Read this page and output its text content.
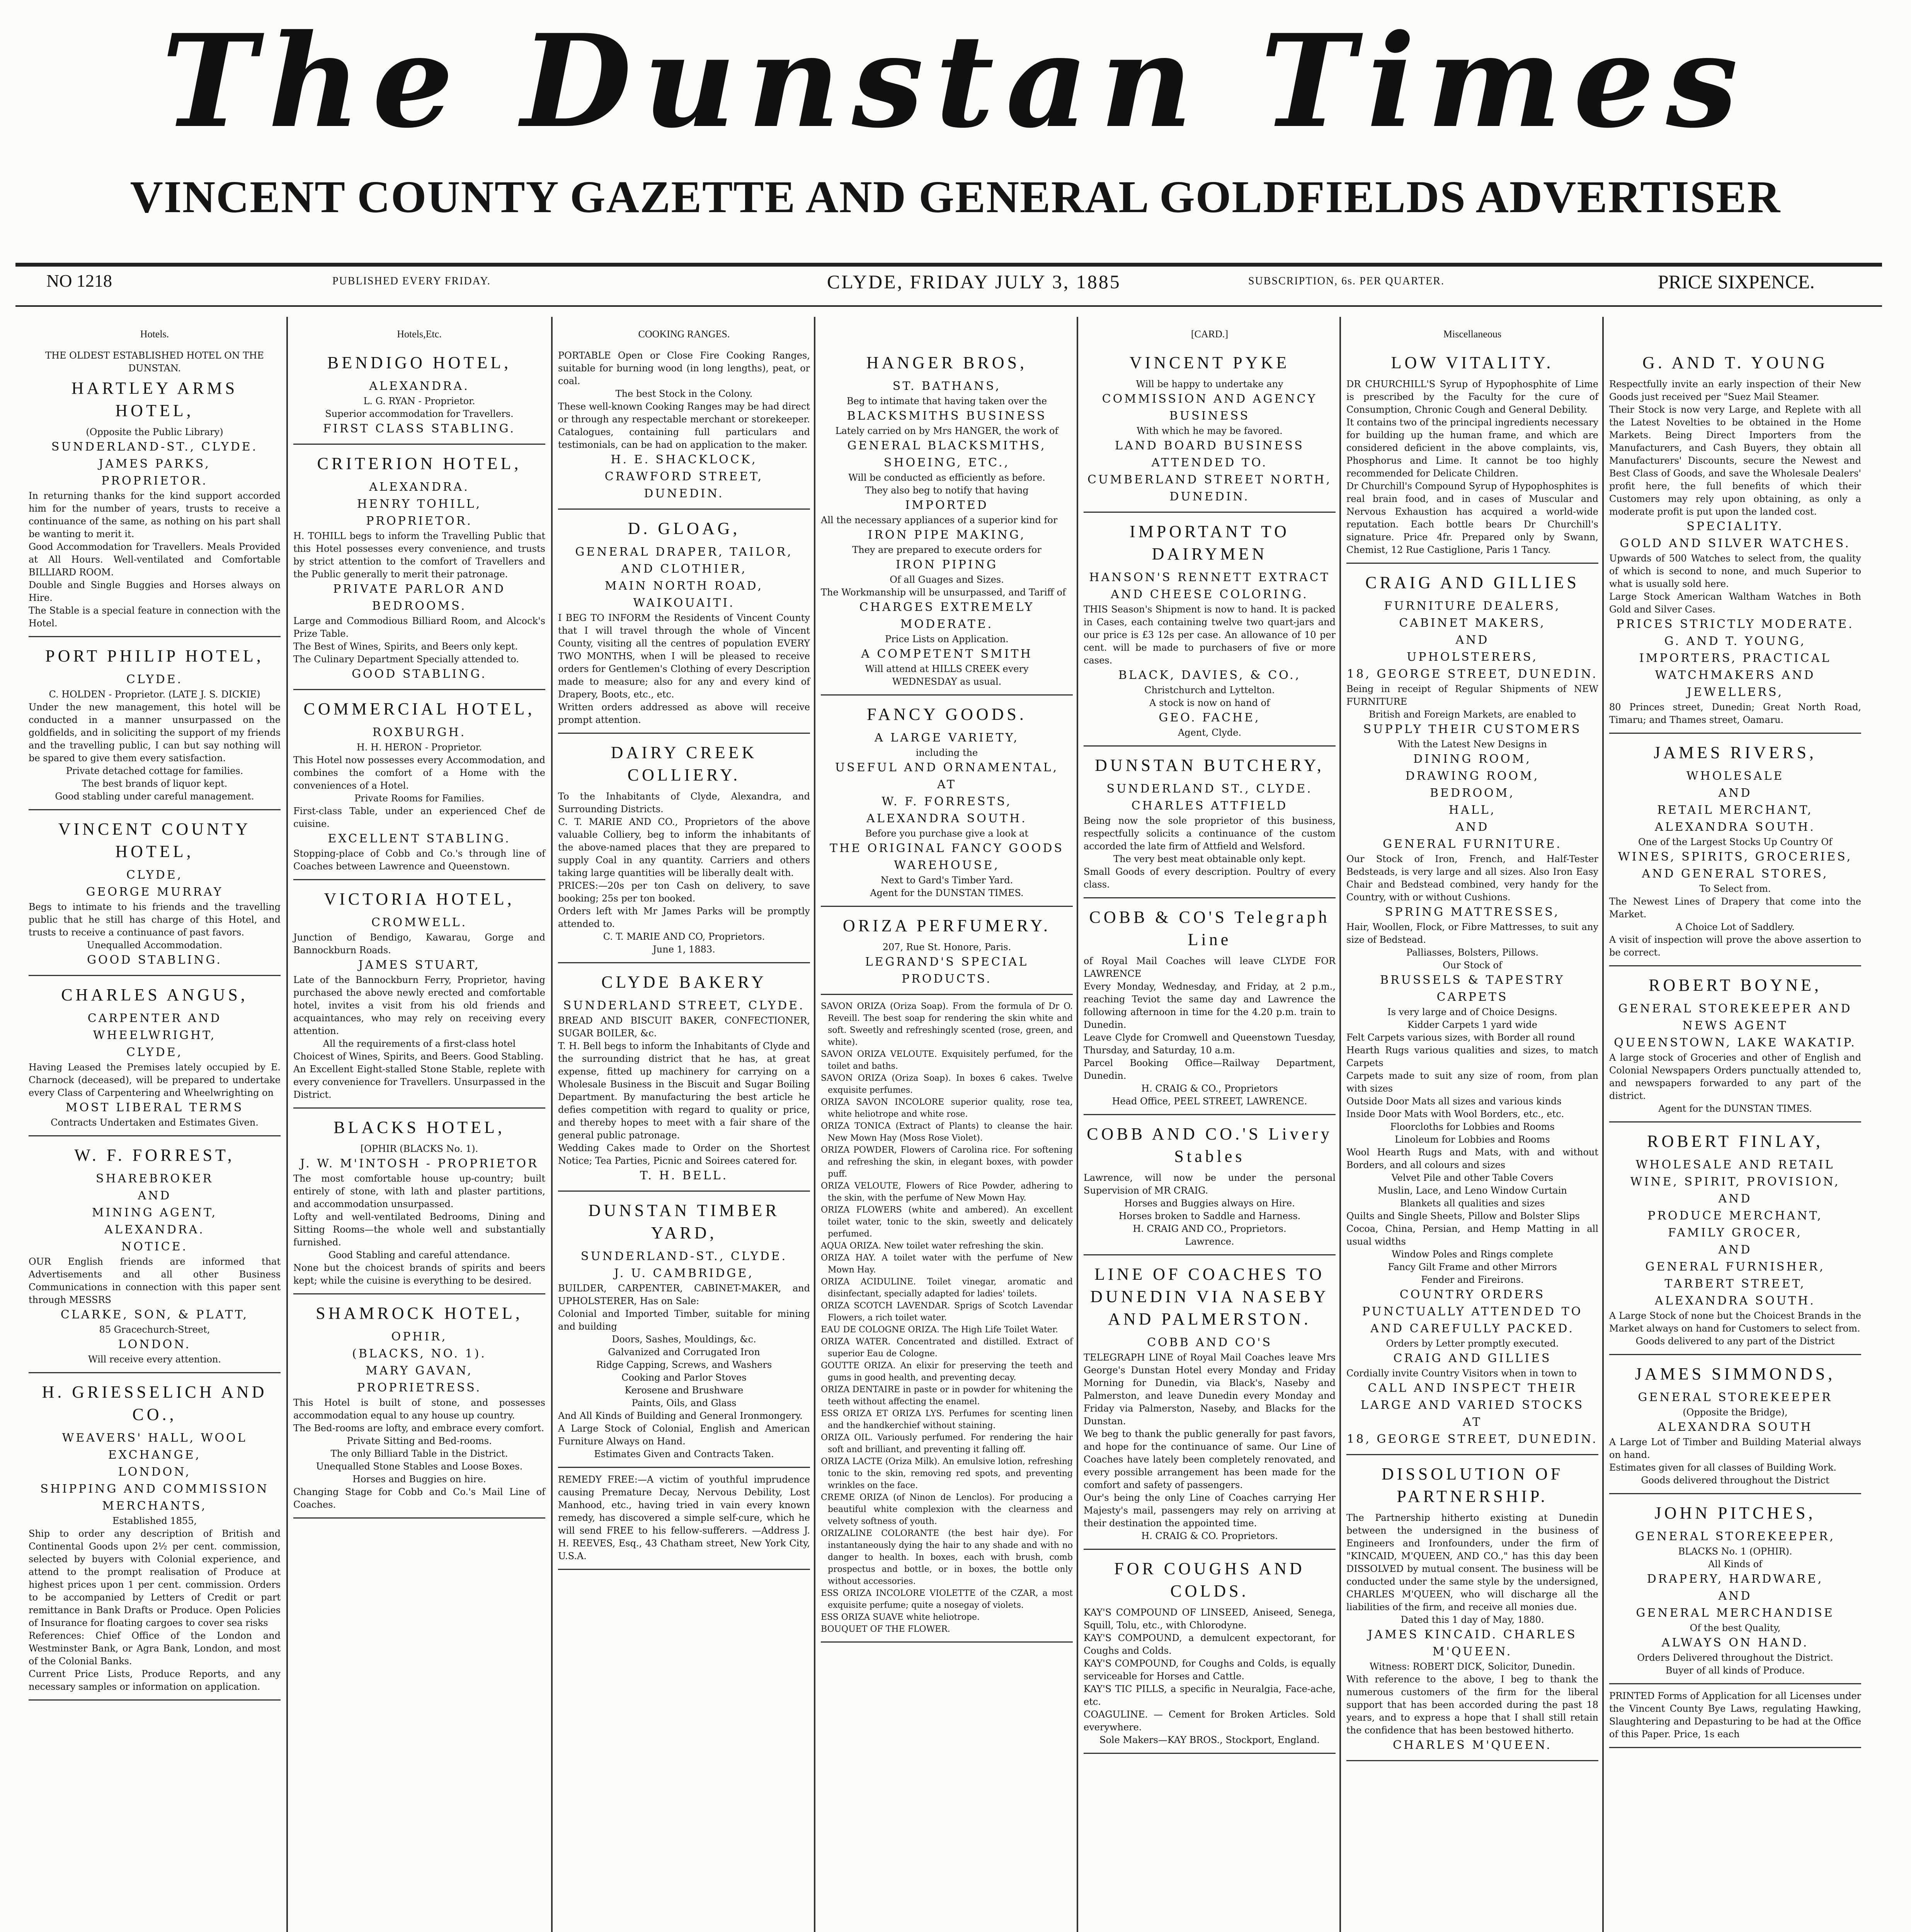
The Dunstan Times
VINCENT COUNTY GAZETTE AND GENERAL GOLDFIELDS ADVERTISER
NO 1218	PUBLISHED EVERY FRIDAY.	CLYDE, FRIDAY JULY 3, 1885	SUBSCRIPTION, 6s. PER QUARTER.	PRICE SIXPENCE.
Hotels.

THE OLDEST ESTABLISHED HOTEL ON THE DUNSTAN.

HARTLEY ARMS HOTEL,

(Opposite the Public Library)

SUNDERLAND-ST., CLYDE.

JAMES PARKS,

PROPRIETOR.

In returning thanks for the kind support accorded him for the number of years, trusts to receive a continuance of the same, as nothing on his part shall be wanting to merit it.

Good Accommodation for Travellers. Meals Provided at All Hours. Well-ventilated and Comfortable BILLIARD ROOM.

Double and Single Buggies and Horses always on Hire.

The Stable is a special feature in connection with the Hotel.

PORT PHILIP HOTEL,

CLYDE.

C. HOLDEN - Proprietor. (LATE J. S. DICKIE)

Under the new management, this hotel will be conducted in a manner unsurpassed on the goldfields, and in soliciting the support of my friends and the travelling public, I can but say nothing will be spared to give them every satisfaction.

Private detached cottage for families.

The best brands of liquor kept.

Good stabling under careful management.

VINCENT COUNTY HOTEL,

CLYDE,

GEORGE MURRAY

Begs to intimate to his friends and the travelling public that he still has charge of this Hotel, and trusts to receive a continuance of past favors.

Unequalled Accommodation.

GOOD STABLING.

CHARLES ANGUS,

CARPENTER AND WHEELWRIGHT,

CLYDE,

Having Leased the Premises lately occupied by E. Charnock (deceased), will be prepared to undertake every Class of Carpentering and Wheelwrighting on

MOST LIBERAL TERMS

Contracts Undertaken and Estimates Given.

W. F. FORREST,

SHAREBROKER

AND

MINING AGENT,

ALEXANDRA.

NOTICE.

OUR English friends are informed that Advertisements and all other Business Communications in connection with this paper sent through MESSRS

CLARKE, SON, & PLATT,

85 Gracechurch-Street,

LONDON.

Will receive every attention.

H. GRIESSELICH AND CO.,

WEAVERS' HALL, WOOL EXCHANGE,

LONDON,

SHIPPING AND COMMISSION MERCHANTS,

Established 1855,

Ship to order any description of British and Continental Goods upon 2½ per cent. commission, selected by buyers with Colonial experience, and attend to the prompt realisation of Produce at highest prices upon 1 per cent. commission. Orders to be accompanied by Letters of Credit or part remittance in Bank Drafts or Produce. Open Policies of Insurance for floating cargoes to cover sea risks

References: Chief Office of the London and Westminster Bank, or Agra Bank, London, and most of the Colonial Banks.

Current Price Lists, Produce Reports, and any necessary samples or information on application.

Hotels,Etc.
BENDIGO HOTEL,

ALEXANDRA.

L. G. RYAN - Proprietor.

Superior accommodation for Travellers.

FIRST CLASS STABLING.

CRITERION HOTEL,

ALEXANDRA.

HENRY TOHILL,

PROPRIETOR.

H. TOHILL begs to inform the Travelling Public that this Hotel possesses every convenience, and trusts by strict attention to the comfort of Travellers and the Public generally to merit their patronage.

PRIVATE PARLOR AND BEDROOMS.

Large and Commodious Billiard Room, and Alcock's Prize Table.

The Best of Wines, Spirits, and Beers only kept.

The Culinary Department Specially attended to.

GOOD STABLING.

COMMERCIAL HOTEL,

ROXBURGH.

H. H. HERON - Proprietor.

This Hotel now possesses every Accommodation, and combines the comfort of a Home with the conveniences of a Hotel.

Private Rooms for Families.

First-class Table, under an experienced Chef de cuisine.

EXCELLENT STABLING.

Stopping-place of Cobb and Co.'s through line of Coaches between Lawrence and Queenstown.

VICTORIA HOTEL,

CROMWELL.

Junction of Bendigo, Kawarau, Gorge and Bannockburn Roads.

JAMES STUART,

Late of the Bannockburn Ferry, Proprietor, having purchased the above newly erected and comfortable hotel, invites a visit from his old friends and acquaintances, who may rely on receiving every attention.

All the requirements of a first-class hotel

Choicest of Wines, Spirits, and Beers. Good Stabling.

An Excellent Eight-stalled Stone Stable, replete with every convenience for Travellers. Unsurpassed in the District.

BLACKS HOTEL,

[OPHIR (BLACKS No. 1).

J. W. M'INTOSH - PROPRIETOR

The most comfortable house up-country; built entirely of stone, with lath and plaster partitions, and accommodation unsurpassed.

Lofty and well-ventilated Bedrooms, Dining and Sitting Rooms—the whole well and substantially furnished.

Good Stabling and careful attendance.

None but the choicest brands of spirits and beers kept; while the cuisine is everything to be desired.

SHAMROCK HOTEL,

OPHIR,

(BLACKS, NO. 1).

MARY GAVAN,

PROPRIETRESS.

This Hotel is built of stone, and possesses accommodation equal to any house up country.

The Bed-rooms are lofty, and embrace every comfort.

Private Sitting and Bed-rooms.

The only Billiard Table in the District.

Unequalled Stone Stables and Loose Boxes.

Horses and Buggies on hire.

Changing Stage for Cobb and Co.'s Mail Line of Coaches.

COOKING RANGES.

PORTABLE Open or Close Fire Cooking Ranges, suitable for burning wood (in long lengths), peat, or coal.

The best Stock in the Colony.

These well-known Cooking Ranges may be had direct or through any respectable merchant or storekeeper. Catalogues, containing full particulars and testimonials, can be had on application to the maker.

H. E. SHACKLOCK,

CRAWFORD STREET,

DUNEDIN.

D. GLOAG,

GENERAL DRAPER, TAILOR, AND CLOTHIER,

MAIN NORTH ROAD, WAIKOUAITI.

I BEG TO INFORM the Residents of Vincent County that I will travel through the whole of Vincent County, visiting all the centres of population EVERY TWO MONTHS, when I will be pleased to receive orders for Gentlemen's Clothing of every Description made to measure; also for any and every kind of Drapery, Boots, etc., etc.

Written orders addressed as above will receive prompt attention.

DAIRY CREEK COLLIERY.

To the Inhabitants of Clyde, Alexandra, and Surrounding Districts.

C. T. MARIE AND CO., Proprietors of the above valuable Colliery, beg to inform the inhabitants of the above-named places that they are prepared to supply Coal in any quantity. Carriers and others taking large quantities will be liberally dealt with.

PRICES:—20s per ton Cash on delivery, to save booking; 25s per ton booked.

Orders left with Mr James Parks will be promptly attended to.

C. T. MARIE AND CO, Proprietors.

June 1, 1883.

CLYDE BAKERY

SUNDERLAND STREET, CLYDE.

BREAD AND BISCUIT BAKER, CONFECTIONER, SUGAR BOILER, &c.

T. H. Bell begs to inform the Inhabitants of Clyde and the surrounding district that he has, at great expense, fitted up machinery for carrying on a Wholesale Business in the Biscuit and Sugar Boiling Department. By manufacturing the best article he defies competition with regard to quality or price, and thereby hopes to meet with a fair share of the general public patronage.

Wedding Cakes made to Order on the Shortest Notice; Tea Parties, Picnic and Soirees catered for.

T. H. BELL.

DUNSTAN TIMBER YARD,

SUNDERLAND-ST., CLYDE.

J. U. CAMBRIDGE,

BUILDER, CARPENTER, CABINET-MAKER, and UPHOLSTERER, Has on Sale:

Colonial and Imported Timber, suitable for mining and building

Doors, Sashes, Mouldings, &c.

Galvanized and Corrugated Iron

Ridge Capping, Screws, and Washers

Cooking and Parlor Stoves

Kerosene and Brushware

Paints, Oils, and Glass

And All Kinds of Building and General Ironmongery.

A Large Stock of Colonial, English and American Furniture Always on Hand.

Estimates Given and Contracts Taken.

REMEDY FREE:—A victim of youthful imprudence causing Premature Decay, Nervous Debility, Lost Manhood, etc., having tried in vain every known remedy, has discovered a simple self-cure, which he will send FREE to his fellow-sufferers. —Address J. H. REEVES, Esq., 43 Chatham street, New York City, U.S.A.

HANGER BROS,

ST. BATHANS,

Beg to intimate that having taken over the

BLACKSMITHS BUSINESS

Lately carried on by Mrs HANGER, the work of

GENERAL BLACKSMITHS, SHOEING, ETC.,

Will be conducted as efficiently as before.

They also beg to notify that having

IMPORTED

All the necessary appliances of a superior kind for

IRON PIPE MAKING,

They are prepared to execute orders for

IRON PIPING

Of all Guages and Sizes.

The Workmanship will be unsurpassed, and Tariff of

CHARGES EXTREMELY MODERATE.

Price Lists on Application.

A COMPETENT SMITH

Will attend at HILLS CREEK every

WEDNESDAY as usual.

FANCY GOODS.

A LARGE VARIETY,

including the

USEFUL AND ORNAMENTAL,

AT

W. F. FORRESTS,

ALEXANDRA SOUTH.

Before you purchase give a look at

THE ORIGINAL FANCY GOODS WAREHOUSE,

Next to Gard's Timber Yard.

Agent for the DUNSTAN TIMES.

ORIZA PERFUMERY.

207, Rue St. Honore, Paris.

LEGRAND'S SPECIAL PRODUCTS.

SAVON ORIZA (Oriza Soap). From the formula of Dr O. Reveill. The best soap for rendering the skin white and soft. Sweetly and refreshingly scented (rose, green, and white).

SAVON ORIZA VELOUTE. Exquisitely perfumed, for the toilet and baths.

SAVON ORIZA (Oriza Soap). In boxes 6 cakes. Twelve exquisite perfumes.

ORIZA SAVON INCOLORE superior quality, rose tea, white heliotrope and white rose.

ORIZA TONICA (Extract of Plants) to cleanse the hair. New Mown Hay (Moss Rose Violet).

ORIZA POWDER, Flowers of Carolina rice. For softening and refreshing the skin, in elegant boxes, with powder puff.

ORIZA VELOUTE, Flowers of Rice Powder, adhering to the skin, with the perfume of New Mown Hay.

ORIZA FLOWERS (white and ambered). An excellent toilet water, tonic to the skin, sweetly and delicately perfumed.

AQUA ORIZA. New toilet water refreshing the skin.

ORIZA HAY. A toilet water with the perfume of New Mown Hay.

ORIZA ACIDULINE. Toilet vinegar, aromatic and disinfectant, specially adapted for ladies' toilets.

ORIZA SCOTCH LAVENDAR. Sprigs of Scotch Lavendar Flowers, a rich toilet water.

EAU DE COLOGNE ORIZA. The High Life Toilet Water.

ORIZA WATER. Concentrated and distilled. Extract of superior Eau de Cologne.

GOUTTE ORIZA. An elixir for preserving the teeth and gums in good health, and preventing decay.

ORIZA DENTAIRE in paste or in powder for whitening the teeth without affecting the enamel.

ESS ORIZA ET ORIZA LYS. Perfumes for scenting linen and the handkerchief without staining.

ORIZA OIL. Variously perfumed. For rendering the hair soft and brilliant, and preventing it falling off.

ORIZA LACTE (Oriza Milk). An emulsive lotion, refreshing tonic to the skin, removing red spots, and preventing wrinkles on the face.

CREME ORIZA (of Ninon de Lenclos). For producing a beautiful white complexion with the clearness and velvety softness of youth.

ORIZALINE COLORANTE (the best hair dye). For instantaneously dying the hair to any shade and with no danger to health. In boxes, each with brush, comb prospectus and bottle, or in boxes, the bottle only without accessories.

ESS ORIZA INCOLORE VIOLETTE of the CZAR, a most exquisite perfume; quite a nosegay of violets.

ESS ORIZA SUAVE white heliotrope.

BOUQUET OF THE FLOWER.

[CARD.]
VINCENT PYKE

Will be happy to undertake any

COMMISSION AND AGENCY BUSINESS

With which he may be favored.

LAND BOARD BUSINESS ATTENDED TO.

CUMBERLAND STREET NORTH, DUNEDIN.

IMPORTANT TO DAIRYMEN

HANSON'S RENNETT EXTRACT AND CHEESE COLORING.

THIS Season's Shipment is now to hand. It is packed in Cases, each containing twelve two quart-jars and our price is £3 12s per case. An allowance of 10 per cent. will be made to purchasers of five or more cases.

BLACK, DAVIES, & CO.,

Christchurch and Lyttelton.

A stock is now on hand of

GEO. FACHE,

Agent, Clyde.

DUNSTAN BUTCHERY,

SUNDERLAND ST., CLYDE.

CHARLES ATTFIELD

Being now the sole proprietor of this business, respectfully solicits a continuance of the custom accorded the late firm of Attfield and Welsford.

The very best meat obtainable only kept.

Small Goods of every description. Poultry of every class.

COBB & CO'S Telegraph Line

of Royal Mail Coaches will leave CLYDE FOR LAWRENCE

Every Monday, Wednesday, and Friday, at 2 p.m., reaching Teviot the same day and Lawrence the following afternoon in time for the 4.20 p.m. train to Dunedin.

Leave Clyde for Cromwell and Queenstown Tuesday, Thursday, and Saturday, 10 a.m.

Parcel Booking Office—Railway Department, Dunedin.

H. CRAIG & CO., Proprietors

Head Office, PEEL STREET, LAWRENCE.

COBB AND CO.'S Livery Stables

Lawrence, will now be under the personal Supervision of MR CRAIG.

Horses and Buggies always on Hire.

Horses broken to Saddle and Harness.

H. CRAIG AND CO., Proprietors.

Lawrence.

LINE OF COACHES TO DUNEDIN VIA NASEBY AND PALMERSTON.

COBB AND CO'S

TELEGRAPH LINE of Royal Mail Coaches leave Mrs George's Dunstan Hotel every Monday and Friday Morning for Dunedin, via Black's, Naseby and Palmerston, and leave Dunedin every Monday and Friday via Palmerston, Naseby, and Blacks for the Dunstan.

We beg to thank the public generally for past favors, and hope for the continuance of same. Our Line of Coaches have lately been completely renovated, and every possible arrangement has been made for the comfort and safety of passengers.

Our's being the only Line of Coaches carrying Her Majesty's mail, passengers may rely on arriving at their destination the appointed time.

H. CRAIG & CO. Proprietors.

FOR COUGHS AND COLDS.

KAY'S COMPOUND OF LINSEED, Aniseed, Senega, Squill, Tolu, etc., with Chlorodyne.

KAY'S COMPOUND, a demulcent expectorant, for Coughs and Colds.

KAY'S COMPOUND, for Coughs and Colds, is equally serviceable for Horses and Cattle.

KAY'S TIC PILLS, a specific in Neuralgia, Face-ache, etc.

COAGULINE. — Cement for Broken Articles. Sold everywhere.

Sole Makers—KAY BROS., Stockport, England.

Miscellaneous
LOW VITALITY.

DR CHURCHILL'S Syrup of Hypophosphite of Lime is prescribed by the Faculty for the cure of Consumption, Chronic Cough and General Debility.

It contains two of the principal ingredients necessary for building up the human frame, and which are considered deficient in the above complaints, vis, Phosphorus and Lime. It cannot be too highly recommended for Delicate Children.

Dr Churchill's Compound Syrup of Hypophosphites is real brain food, and in cases of Muscular and Nervous Exhaustion has acquired a world-wide reputation. Each bottle bears Dr Churchill's signature. Price 4fr. Prepared only by Swann, Chemist, 12 Rue Castiglione, Paris 1 Tancy.

CRAIG AND GILLIES

FURNITURE DEALERS,

CABINET MAKERS,

AND

UPHOLSTERERS,

18, GEORGE STREET, DUNEDIN.

Being in receipt of Regular Shipments of NEW FURNITURE

British and Foreign Markets, are enabled to

SUPPLY THEIR CUSTOMERS

With the Latest New Designs in

DINING ROOM,

DRAWING ROOM,

BEDROOM,

HALL,

AND

GENERAL FURNITURE.

Our Stock of Iron, French, and Half-Tester Bedsteads, is very large and all sizes. Also Iron Easy Chair and Bedstead combined, very handy for the Country, with or without Cushions.

SPRING MATTRESSES,

Hair, Woollen, Flock, or Fibre Mattresses, to suit any size of Bedstead.

Palliasses, Bolsters, Pillows.

Our Stock of

BRUSSELS & TAPESTRY CARPETS

Is very large and of Choice Designs.

Kidder Carpets 1 yard wide

Felt Carpets various sizes, with Border all round

Hearth Rugs various qualities and sizes, to match Carpets

Carpets made to suit any size of room, from plan with sizes

Outside Door Mats all sizes and various kinds

Inside Door Mats with Wool Borders, etc., etc.

Floorcloths for Lobbies and Rooms

Linoleum for Lobbies and Rooms

Wool Hearth Rugs and Mats, with and without Borders, and all colours and sizes

Velvet Pile and other Table Covers

Muslin, Lace, and Leno Window Curtain

Blankets all qualities and sizes

Quilts and Single Sheets, Pillow and Bolster Slips

Cocoa, China, Persian, and Hemp Matting in all usual widths

Window Poles and Rings complete

Fancy Gilt Frame and other Mirrors

Fender and Fireirons.

COUNTRY ORDERS PUNCTUALLY ATTENDED TO AND CAREFULLY PACKED.

Orders by Letter promptly executed.

CRAIG AND GILLIES

Cordially invite Country Visitors when in town to

CALL AND INSPECT THEIR

LARGE AND VARIED STOCKS

AT

18, GEORGE STREET, DUNEDIN.

DISSOLUTION OF PARTNERSHIP.

The Partnership hitherto existing at Dunedin between the undersigned in the business of Engineers and Ironfounders, under the firm of "KINCAID, M'QUEEN, AND CO.," has this day been DISSOLVED by mutual consent. The business will be conducted under the same style by the undersigned, CHARLES M'QUEEN, who will discharge all the liabilities of the firm, and receive all monies due.

Dated this 1 day of May, 1880.

JAMES KINCAID. CHARLES M'QUEEN.

Witness: ROBERT DICK, Solicitor, Dunedin.

With reference to the above, I beg to thank the numerous customers of the firm for the liberal support that has been accorded during the past 18 years, and to express a hope that I shall still retain the confidence that has been bestowed hitherto.

CHARLES M'QUEEN.

G. AND T. YOUNG

Respectfully invite an early inspection of their New Goods just received per "Suez Mail Steamer.

Their Stock is now very Large, and Replete with all the Latest Novelties to be obtained in the Home Markets. Being Direct Importers from the Manufacturers, and Cash Buyers, they obtain all Manufacturers' Discounts, secure the Newest and Best Class of Goods, and save the Wholesale Dealers' profit here, the full benefits of which their Customers may rely upon obtaining, as only a moderate profit is put upon the landed cost.

SPECIALITY.

GOLD AND SILVER WATCHES.

Upwards of 500 Watches to select from, the quality of which is second to none, and much Superior to what is usually sold here.

Large Stock American Waltham Watches in Both Gold and Silver Cases.

PRICES STRICTLY MODERATE.

G. AND T. YOUNG,

IMPORTERS, PRACTICAL WATCHMAKERS AND JEWELLERS,

80 Princes street, Dunedin; Great North Road, Timaru; and Thames street, Oamaru.

JAMES RIVERS,

WHOLESALE

AND

RETAIL MERCHANT,

ALEXANDRA SOUTH.

One of the Largest Stocks Up Country Of

WINES, SPIRITS, GROCERIES, AND GENERAL STORES,

To Select from.

The Newest Lines of Drapery that come into the Market.

A Choice Lot of Saddlery.

A visit of inspection will prove the above assertion to be correct.

ROBERT BOYNE,

GENERAL STOREKEEPER AND NEWS AGENT

QUEENSTOWN, LAKE WAKATIP.

A large stock of Groceries and other of English and Colonial Newspapers Orders punctually attended to, and newspapers forwarded to any part of the district.

Agent for the DUNSTAN TIMES.

ROBERT FINLAY,

WHOLESALE AND RETAIL

WINE, SPIRIT, PROVISION,

AND

PRODUCE MERCHANT,

FAMILY GROCER,

AND

GENERAL FURNISHER,

TARBERT STREET,

ALEXANDRA SOUTH.

A Large Stock of none but the Choicest Brands in the Market always on hand for Customers to select from.

Goods delivered to any part of the District

JAMES SIMMONDS,

GENERAL STOREKEEPER

(Opposite the Bridge),

ALEXANDRA SOUTH

A Large Lot of Timber and Building Material always on hand.

Estimates given for all classes of Building Work.

Goods delivered throughout the District

JOHN PITCHES,

GENERAL STOREKEEPER,

BLACKS No. 1 (OPHIR).

All Kinds of

DRAPERY, HARDWARE,

AND

GENERAL MERCHANDISE

Of the best Quality,

ALWAYS ON HAND.

Orders Delivered throughout the District.

Buyer of all kinds of Produce.

PRINTED Forms of Application for all Licenses under the Vincent County Bye Laws, regulating Hawking, Slaughtering and Depasturing to be had at the Office of this Paper. Price, 1s each
